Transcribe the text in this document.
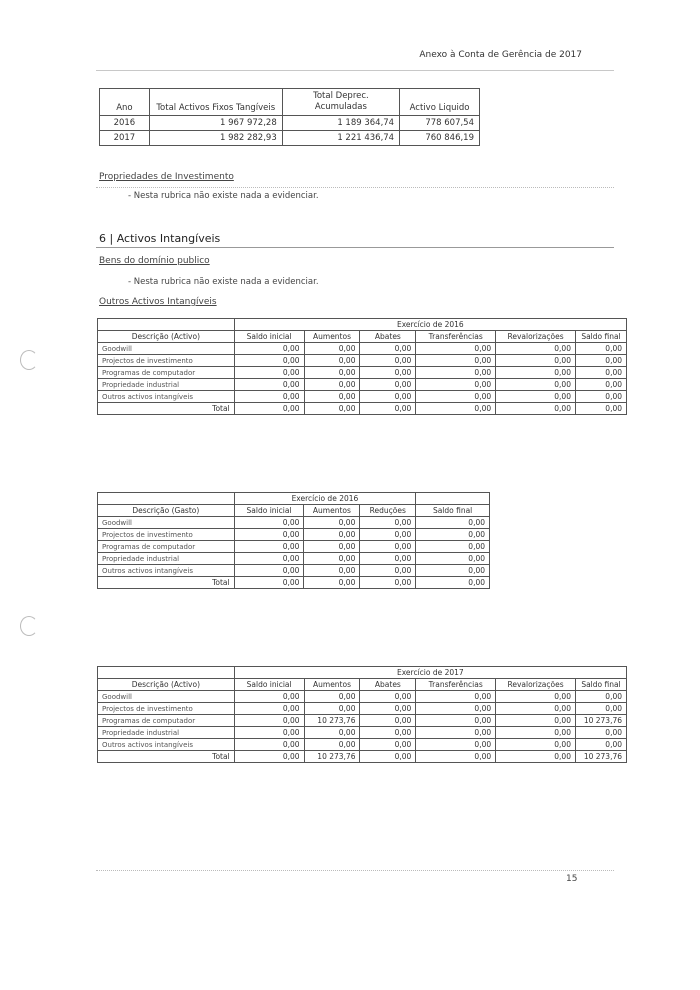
Anexo à Conta de Gerência de 2017
Ano	Total Activos Fixos Tangíveis	Total Deprec. Acumuladas	Activo Liquido
2016	1 967 972,28	1 189 364,74	778 607,54
2017	1 982 282,93	1 221 436,74	760 846,19
Propriedades de Investimento
- Nesta rubrica não existe nada a evidenciar.
6 | Activos Intangíveis
Bens do domínio publico
- Nesta rubrica não existe nada a evidenciar.
Outros Activos Intangíveis
	Exercício de 2016					
Descrição (Activo)	Saldo inicial	Aumentos	Abates	Transferências	Revalorizações	Saldo final
Goodwill	0,00	0,00	0,00	0,00	0,00	0,00
Projectos de investimento	0,00	0,00	0,00	0,00	0,00	0,00
Programas de computador	0,00	0,00	0,00	0,00	0,00	0,00
Propriedade industrial	0,00	0,00	0,00	0,00	0,00	0,00
Outros activos intangíveis	0,00	0,00	0,00	0,00	0,00	0,00
Total	0,00	0,00	0,00	0,00	0,00	0,00
	Exercício de 2016			
Descrição (Gasto)	Saldo inicial	Aumentos	Reduções	Saldo final
Goodwill	0,00	0,00	0,00	0,00
Projectos de investimento	0,00	0,00	0,00	0,00
Programas de computador	0,00	0,00	0,00	0,00
Propriedade industrial	0,00	0,00	0,00	0,00
Outros activos intangíveis	0,00	0,00	0,00	0,00
Total	0,00	0,00	0,00	0,00
	Exercício de 2017					
Descrição (Activo)	Saldo inicial	Aumentos	Abates	Transferências	Revalorizações	Saldo final
Goodwill	0,00	0,00	0,00	0,00	0,00	0,00
Projectos de investimento	0,00	0,00	0,00	0,00	0,00	0,00
Programas de computador	0,00	10 273,76	0,00	0,00	0,00	10 273,76
Propriedade industrial	0,00	0,00	0,00	0,00	0,00	0,00
Outros activos intangíveis	0,00	0,00	0,00	0,00	0,00	0,00
Total	0,00	10 273,76	0,00	0,00	0,00	10 273,76
15
